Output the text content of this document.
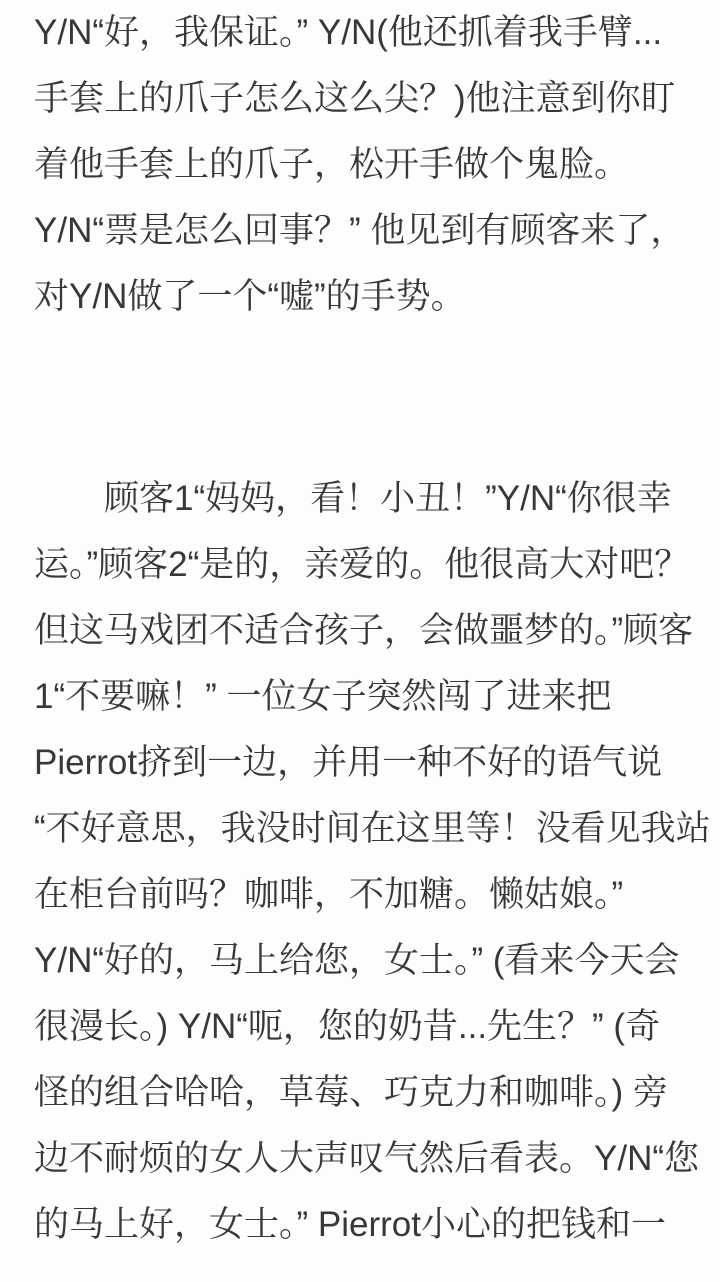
Y/N“好，我保证。” Y/N(他还抓着我手臂...
手套上的爪子怎么这么尖？)他注意到你盯
着他手套上的爪子，松开手做个鬼脸。
Y/N“票是怎么回事？” 他见到有顾客来了，
对Y/N做了一个“嘘”的手势。
顾客1“妈妈，看！小丑！”Y/N“你很幸
运。”顾客2“是的，亲爱的。他很高大对吧？
但这马戏团不适合孩子，会做噩梦的。”顾客
1“不要嘛！” 一位女子突然闯了进来把
Pierrot挤到一边，并用一种不好的语气说
“不好意思，我没时间在这里等！没看见我站
在柜台前吗？咖啡，不加糖。懒姑娘。”
Y/N“好的，马上给您，女士。” (看来今天会
很漫长。) Y/N“呃，您的奶昔...先生？” (奇
怪的组合哈哈，草莓、巧克力和咖啡。) 旁
边不耐烦的女人大声叹气然后看表。Y/N“您
的马上好，女士。” Pierrot小心的把钱和一
